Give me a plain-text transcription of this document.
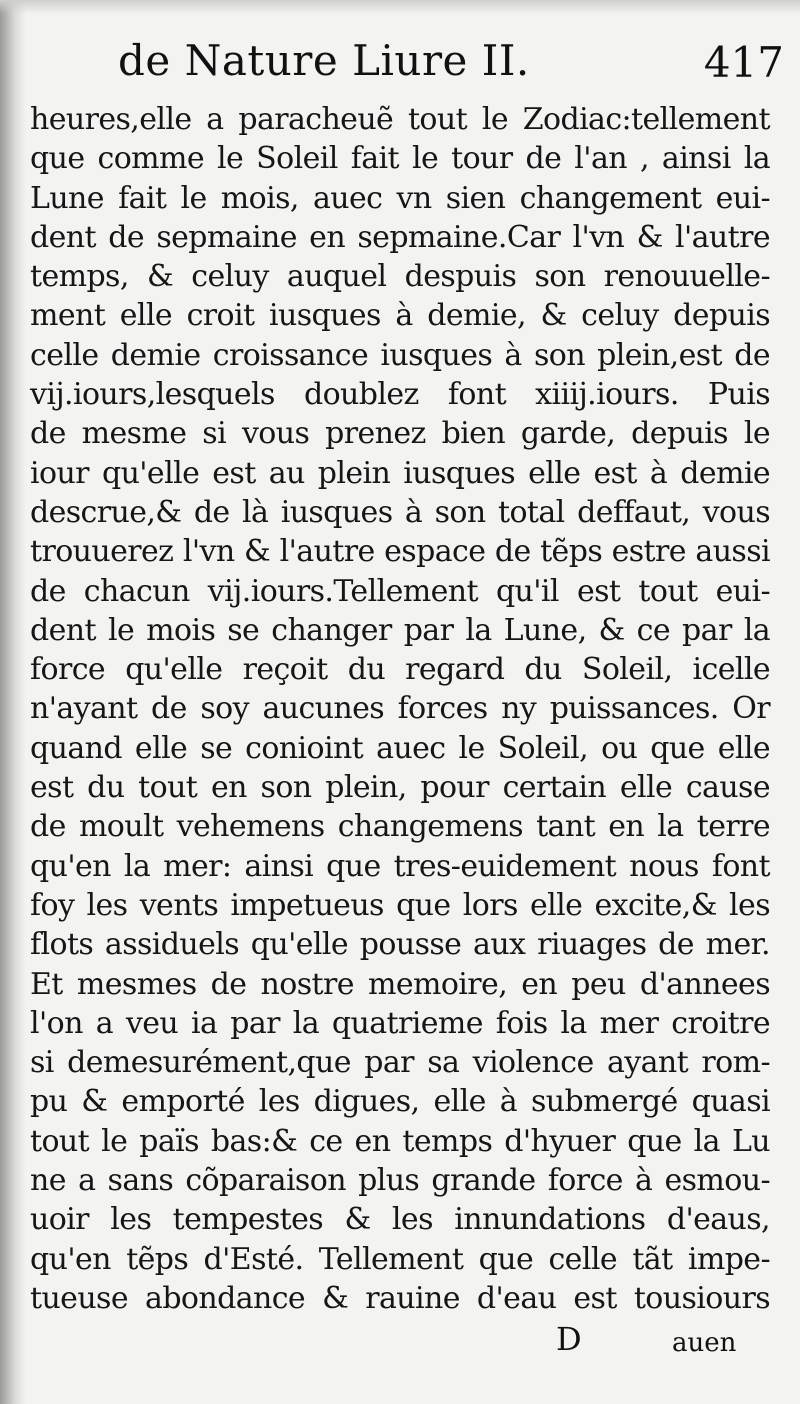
de Nature Liure II.	417
heures,elle a paracheuẽ tout le Zodiac:tellement
que comme le Soleil fait le tour de l'an , ainsi la
Lune fait le mois, auec vn sien changement eui-
dent de sepmaine en sepmaine.Car l'vn & l'autre
temps, & celuy auquel despuis son renouuelle-
ment elle croit iusques à demie, & celuy depuis
celle demie croissance iusques à son plein,est de
vij.iours,lesquels doublez font xiiij.iours. Puis
de mesme si vous prenez bien garde, depuis le
iour qu'elle est au plein iusques elle est à demie
descrue,& de là iusques à son total deffaut, vous
trouuerez l'vn & l'autre espace de tẽps estre aussi
de chacun vij.iours.Tellement qu'il est tout eui-
dent le mois se changer par la Lune, & ce par la
force qu'elle reçoit du regard du Soleil, icelle
n'ayant de soy aucunes forces ny puissances. Or
quand elle se conioint auec le Soleil, ou que elle
est du tout en son plein, pour certain elle cause
de moult vehemens changemens tant en la terre
qu'en la mer: ainsi que tres-euidement nous font
foy les vents impetueus que lors elle excite,& les
flots assiduels qu'elle pousse aux riuages de mer.
Et mesmes de nostre memoire, en peu d'annees
l'on a veu ia par la quatrieme fois la mer croitre
si demesurément,que par sa violence ayant rom-
pu & emporté les digues, elle à submergé quasi
tout le païs bas:& ce en temps d'hyuer que la Lu
ne a sans cõparaison plus grande force à esmou-
uoir les tempestes & les innundations d'eaus,
qu'en tẽps d'Esté. Tellement que celle tãt impe-
tueuse abondance & rauine d'eau est tousiours
D	auen
